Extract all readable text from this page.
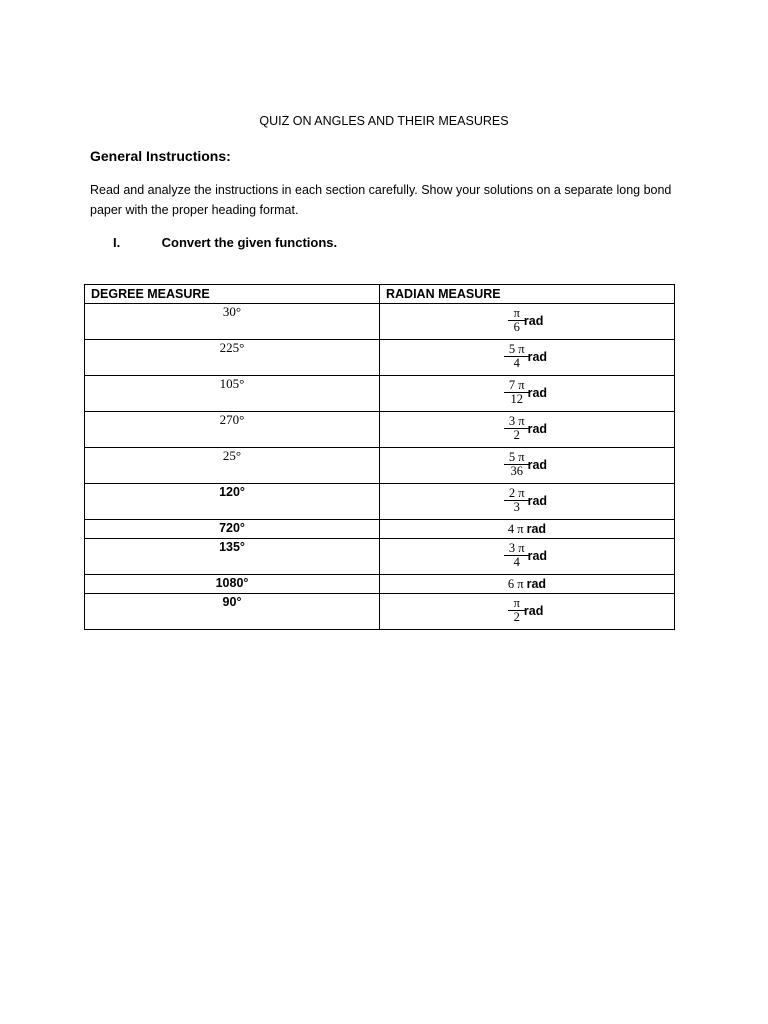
QUIZ ON ANGLES AND THEIR MEASURES
General Instructions:
Read and analyze the instructions in each section carefully. Show your solutions on a separate long bond paper with the proper heading format.
I.	Convert the given functions.
DEGREE MEASURE	RADIAN MEASURE
30°	$\frac{\pi}{6}$ rad

225°	$\frac{5 \pi}{4}$ rad

105°	$\frac{7 \pi}{12}$ rad

270°	$\frac{3 \pi}{2}$ rad

25°	$\frac{5 \pi}{36}$ rad

120°	$\frac{2 \pi}{3}$ rad

720°	4 π rad
135°	$\frac{3 \pi}{4}$ rad

1080°	6 π rad
90°	$\frac{\pi}{2}$ rad
